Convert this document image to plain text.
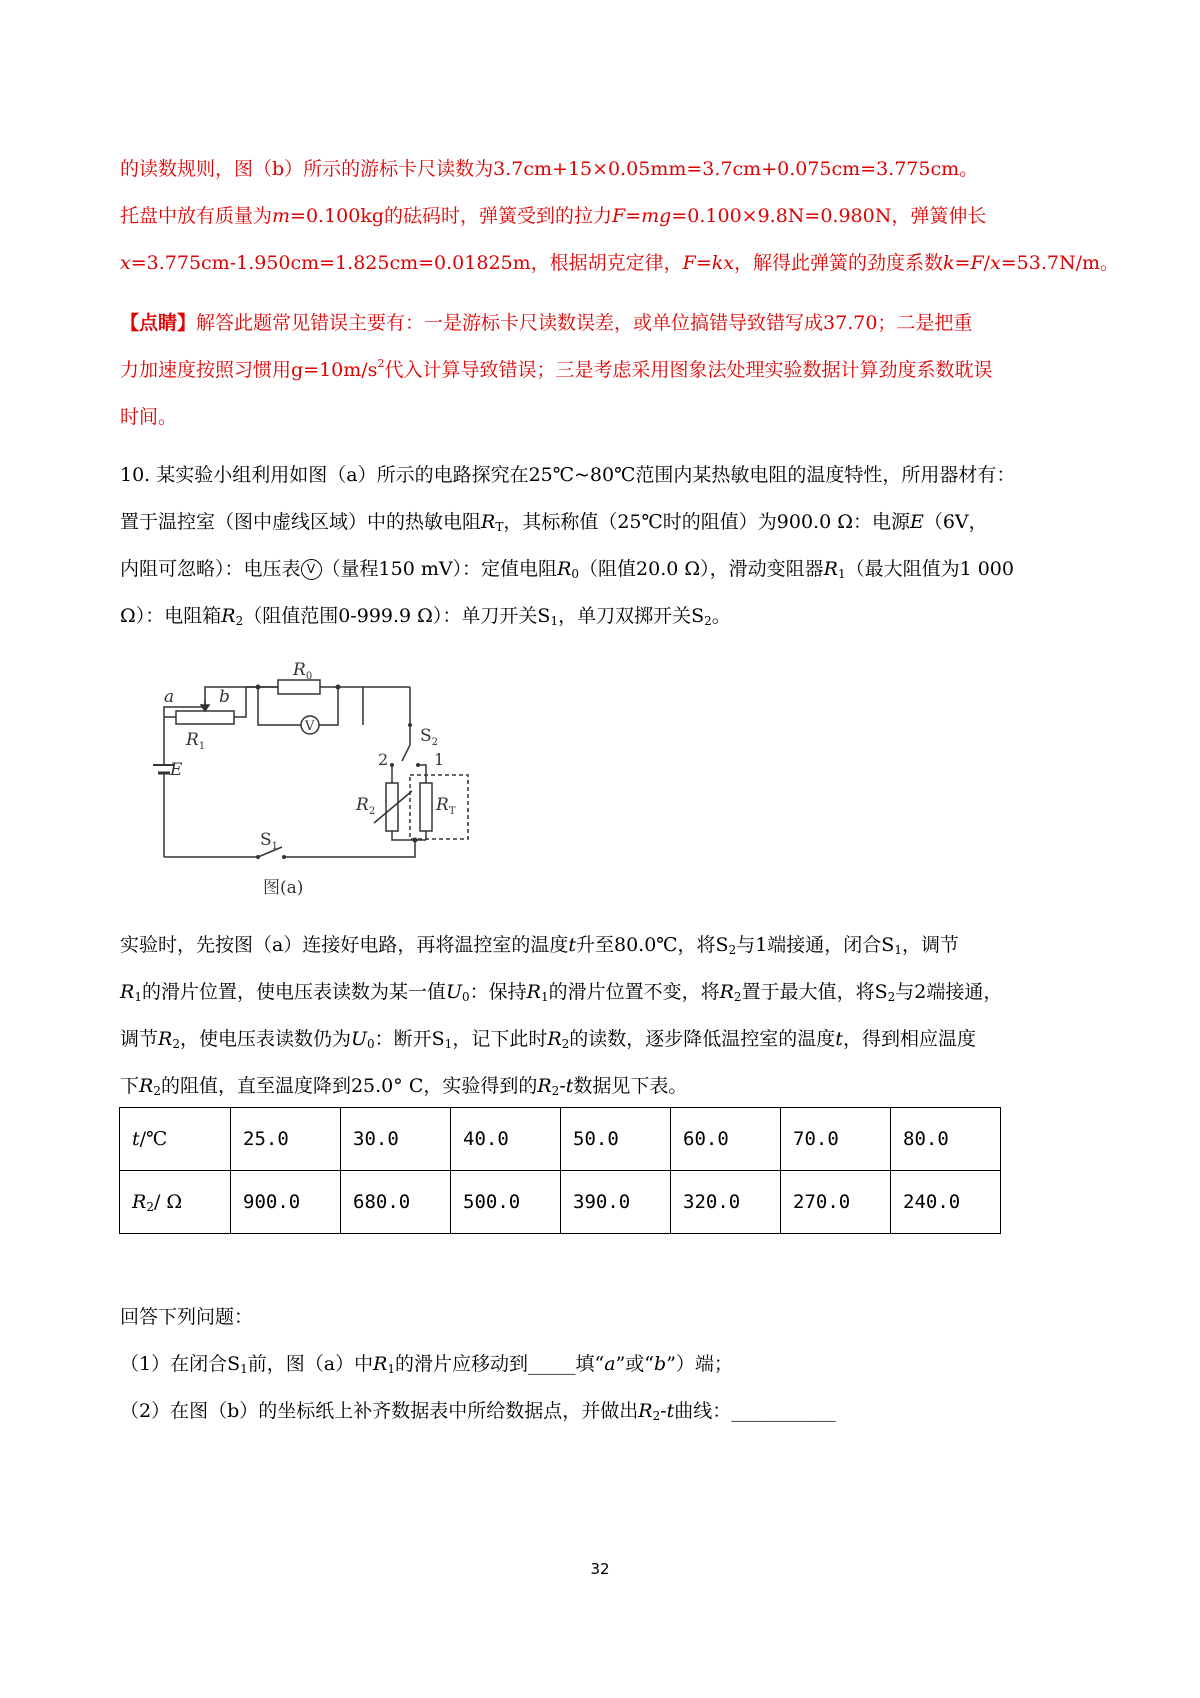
的读数规则，图（b）所示的游标卡尺读数为3.7cm+15×0.05mm=3.7cm+0.075cm=3.775cm。
托盘中放有质量为m=0.100kg的砝码时，弹簧受到的拉力F=mg=0.100×9.8N=0.980N，弹簧伸长
x=3.775cm-1.950cm=1.825cm=0.01825m，根据胡克定律，F=kx，解得此弹簧的劲度系数k=F/x=53.7N/m。
【点睛】解答此题常见错误主要有：一是游标卡尺读数误差，或单位搞错导致错写成37.70；二是把重
力加速度按照习惯用$g=10m/s^2$代入计算导致错误；三是考虑采用图象法处理实验数据计算劲度系数耽误
时间。
10. 某实验小组利用如图（a）所示的电路探究在25℃~80℃范围内某热敏电阻的温度特性，所用器材有：
置于温控室（图中虚线区域）中的热敏电阻$R_T$，其标称值（25℃时的阻值）为900.0 Ω：电源E（6V，
内阻可忽略）：电压表 V （量程150 mV）：定值电阻$R_0$（阻值20.0 Ω），滑动变阻器$R_1$（最大阻值为1 000
Ω）：电阻箱$R_2$（阻值范围0-999.9 Ω）：单刀开关$S_1$，单刀双掷开关$S_2$。
$R_0$
V
a	b
$R_1$
E
$S_1$
$S_2$
2	1
$R_2$	$R_T$
图(a)
实验时，先按图（a）连接好电路，再将温控室的温度t升至80.0℃，将$S_2$与1端接通，闭合$S_1$，调节
$R_1$的滑片位置，使电压表读数为某一值$U_0$：保持$R_1$的滑片位置不变，将$R_2$置于最大值，将$S_2$与2端接通，
调节$R_2$，使电压表读数仍为$U_0$：断开$S_1$，记下此时$R_2$的读数，逐步降低温控室的温度t，得到相应温度
下$R_2$的阻值，直至温度降到25.0° C，实验得到的$R_2-t$数据见下表。
t/℃	25.0	30.0	40.0	50.0	60.0	70.0	80.0
$R_2/$ Ω	900.0	680.0	500.0	390.0	320.0	270.0	240.0
回答下列问题：
（1）在闭合$S_1$前，图（a）中$R_1$的滑片应移动到_____填“a”或“b”）端；
（2）在图（b）的坐标纸上补齐数据表中所给数据点，并做出$R_2-t$曲线：___________
32
